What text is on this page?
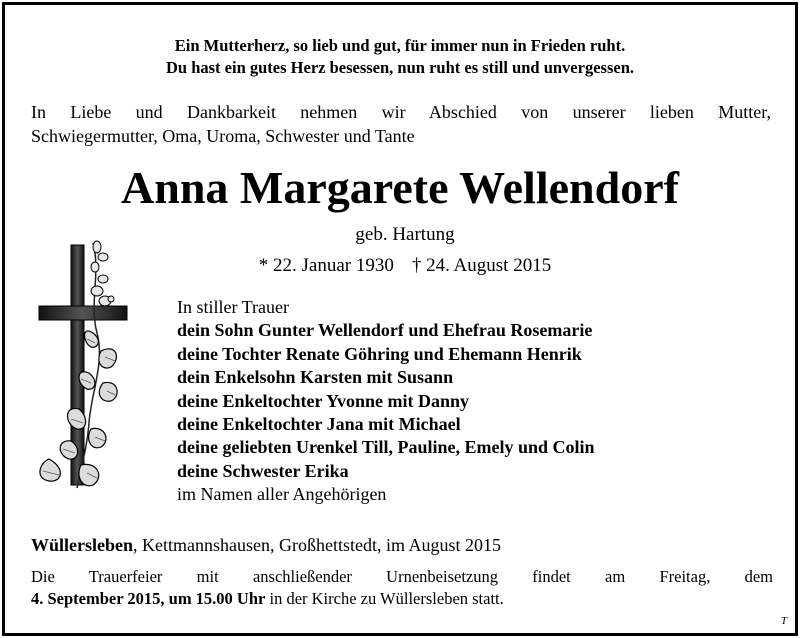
Ein Mutterherz, so lieb und gut, für immer nun in Frieden ruht.
Du hast ein gutes Herz besessen, nun ruht es still und unvergessen.
In Liebe und Dankbarkeit nehmen wir Abschied von unserer lieben Mutter,
Schwiegermutter, Oma, Uroma, Schwester und Tante
Anna Margarete Wellendorf
geb. Hartung
* 22. Januar 1930 † 24. August 2015
In stiller Trauer
dein Sohn Gunter Wellendorf und Ehefrau Rosemarie
deine Tochter Renate Göhring und Ehemann Henrik
dein Enkelsohn Karsten mit Susann
deine Enkeltochter Yvonne mit Danny
deine Enkeltochter Jana mit Michael
deine geliebten Urenkel Till, Pauline, Emely und Colin
deine Schwester Erika
im Namen aller Angehörigen
Wüllersleben, Kettmannshausen, Großhettstedt, im August 2015
Die Trauerfeier mit anschließender Urnenbeisetzung findet am Freitag, dem
4. September 2015, um 15.00 Uhr in der Kirche zu Wüllersleben statt.
T
